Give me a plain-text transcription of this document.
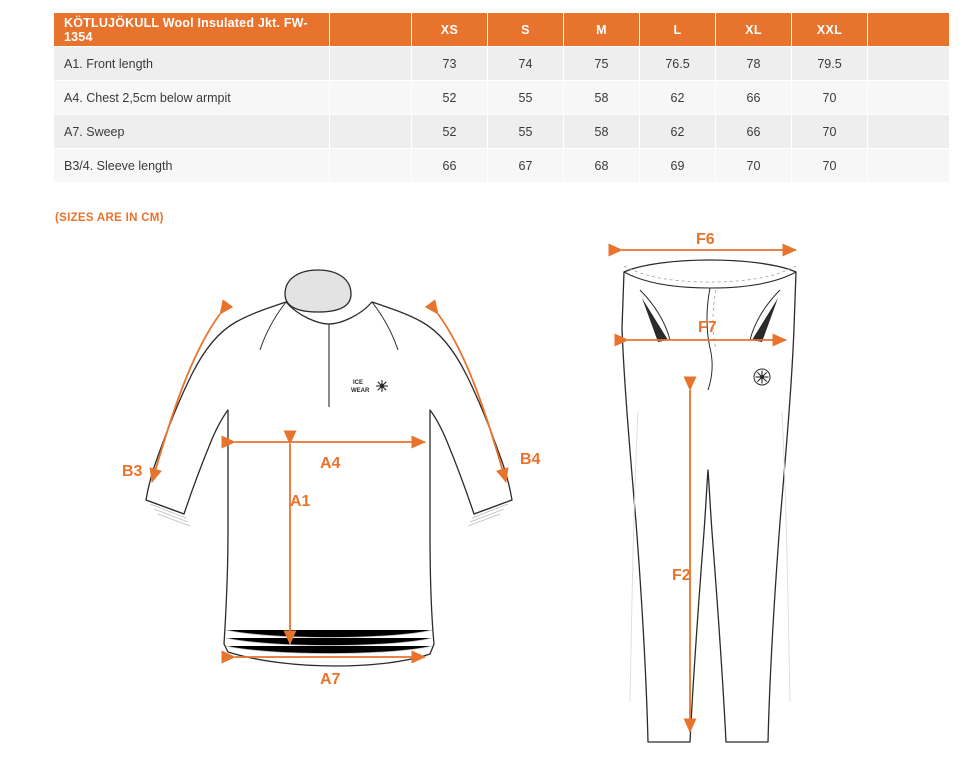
KÖTLUJÖKULL Wool Insulated Jkt. FW-1354		XS	S	M	L	XL	XXL	
A1. Front length		73	74	75	76.5	78	79.5	
A4. Chest 2,5cm below armpit		52	55	58	62	66	70	
A7. Sweep		52	55	58	62	66	70	
B3/4. Sleeve length		66	67	68	69	70	70	
(SIZES ARE IN CM)
ICE
WEAR
B3
B4
A4
A1
A7
F6
F7
F2
